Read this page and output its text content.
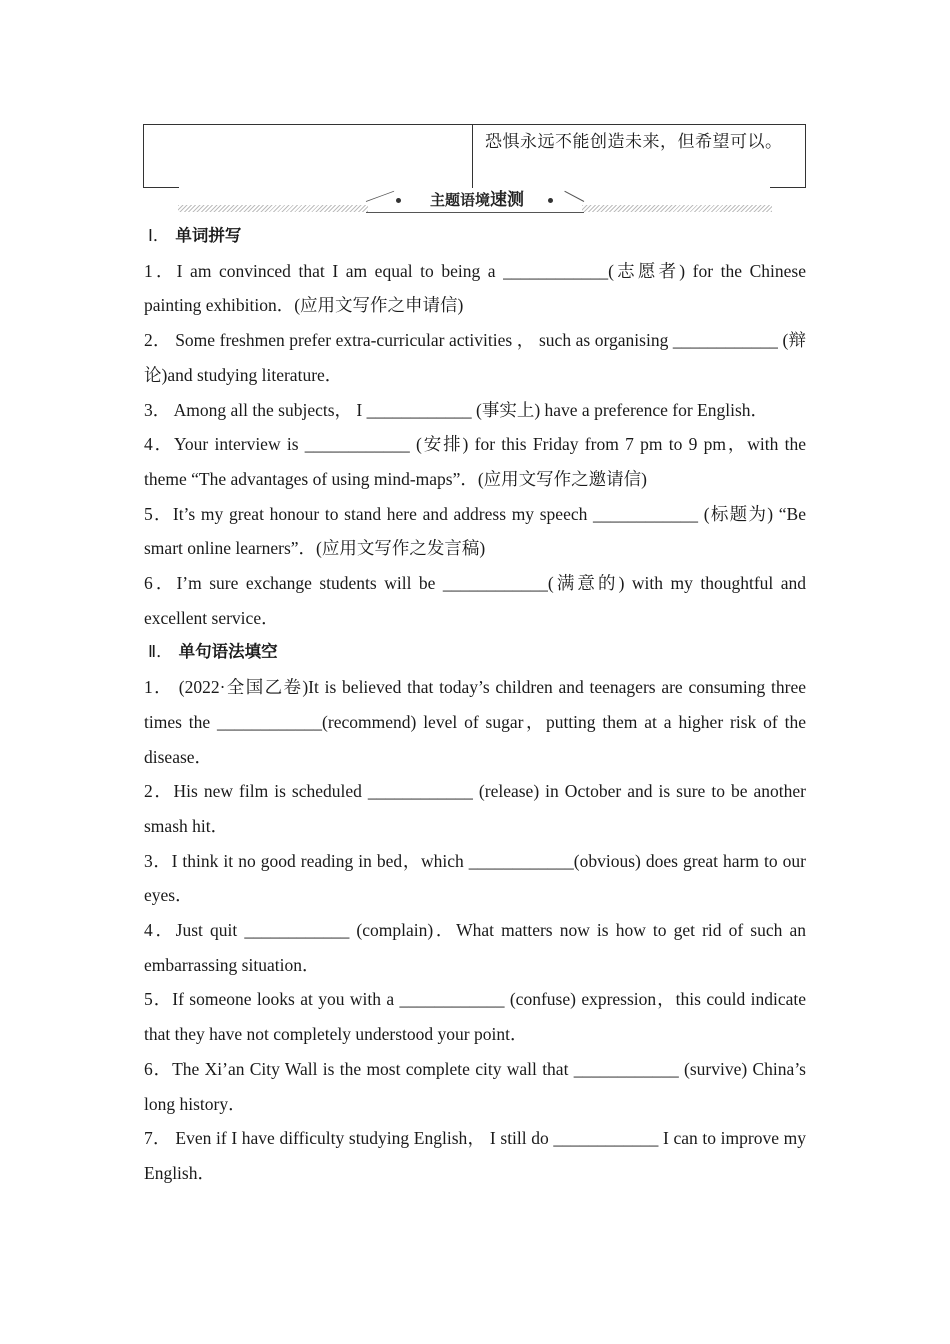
恐惧永远不能创造未来，但希望可以。
主题语境速测
Ⅰ． 单词拼写
1．I am convinced that I am equal to being a ____________(志愿者) for the Chinese painting exhibition．(应用文写作之申请信)
2． Some freshmen prefer extra-curricular activities ， such as organising ____________ (辩论)and studying literature．
3． Among all the subjects， I ____________ (事实上) have a preference for English．
4．Your interview is ____________ (安排) for this Friday from 7 pm to 9 pm，with the theme “The advantages of using mind-maps”．(应用文写作之邀请信)
5．It’s my great honour to stand here and address my speech ____________ (标题为) “Be smart online learners”．(应用文写作之发言稿)
6．I’m sure exchange students will be ____________(满意的) with my thoughtful and excellent service．
Ⅱ． 单句语法填空
1． (2022·全国乙卷)It is believed that today’s children and teenagers are consuming three times the ____________(recommend) level of sugar，putting them at a higher risk of the disease．
2．His new film is scheduled ____________ (release) in October and is sure to be another smash hit．
3．I think it no good reading in bed，which ____________(obvious) does great harm to our eyes．
4．Just quit ____________ (complain)．What matters now is how to get rid of such an embarrassing situation．
5．If someone looks at you with a ____________ (confuse) expression，this could indicate that they have not completely understood your point．
6．The Xi’an City Wall is the most complete city wall that ____________ (survive) China’s long history．
7． Even if I have difficulty studying English， I still do ____________ I can to improve my English．
